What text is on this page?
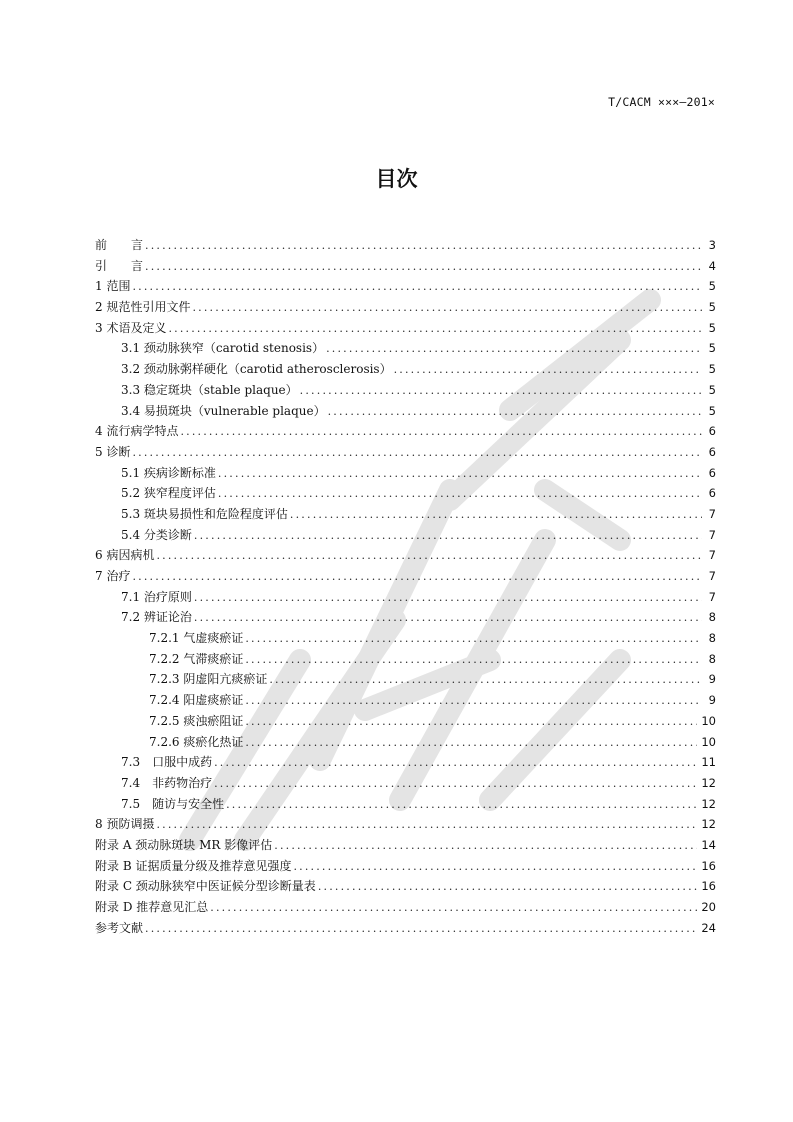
T/CACM ×××—201×
目次
前　　言 .....	3
引　　言 .....	4
1 范围 .....	5
2 规范性引用文件 .....	5
3 术语及定义 .....	5
3.1 颈动脉狭窄（carotid stenosis） .....	5
3.2 颈动脉粥样硬化（carotid atherosclerosis） .....	5
3.3 稳定斑块（stable plaque） .....	5
3.4 易损斑块（vulnerable plaque） .....	5
4 流行病学特点 .....	6
5 诊断 .....	6
5.1 疾病诊断标准 .....	6
5.2 狭窄程度评估 .....	6
5.3 斑块易损性和危险程度评估 .....	7
5.4 分类诊断 .....	7
6 病因病机 .....	7
7 治疗 .....	7
7.1 治疗原则 .....	7
7.2 辨证论治 .....	8
7.2.1 气虚痰瘀证 .....	8
7.2.2 气滞痰瘀证 .....	8
7.2.3 阴虚阳亢痰瘀证 .....	9
7.2.4 阳虚痰瘀证 .....	9
7.2.5 痰浊瘀阻证 .....	10
7.2.6 痰瘀化热证 .....	10
7.3　口服中成药 .....	11
7.4　非药物治疗 .....	12
7.5　随访与安全性 .....	12
8 预防调摄 .....	12
附录 A 颈动脉斑块 MR 影像评估 .....	14
附录 B 证据质量分级及推荐意见强度 .....	16
附录 C 颈动脉狭窄中医证候分型诊断量表 .....	16
附录 D 推荐意见汇总 .....	20
参考文献 .....	24
